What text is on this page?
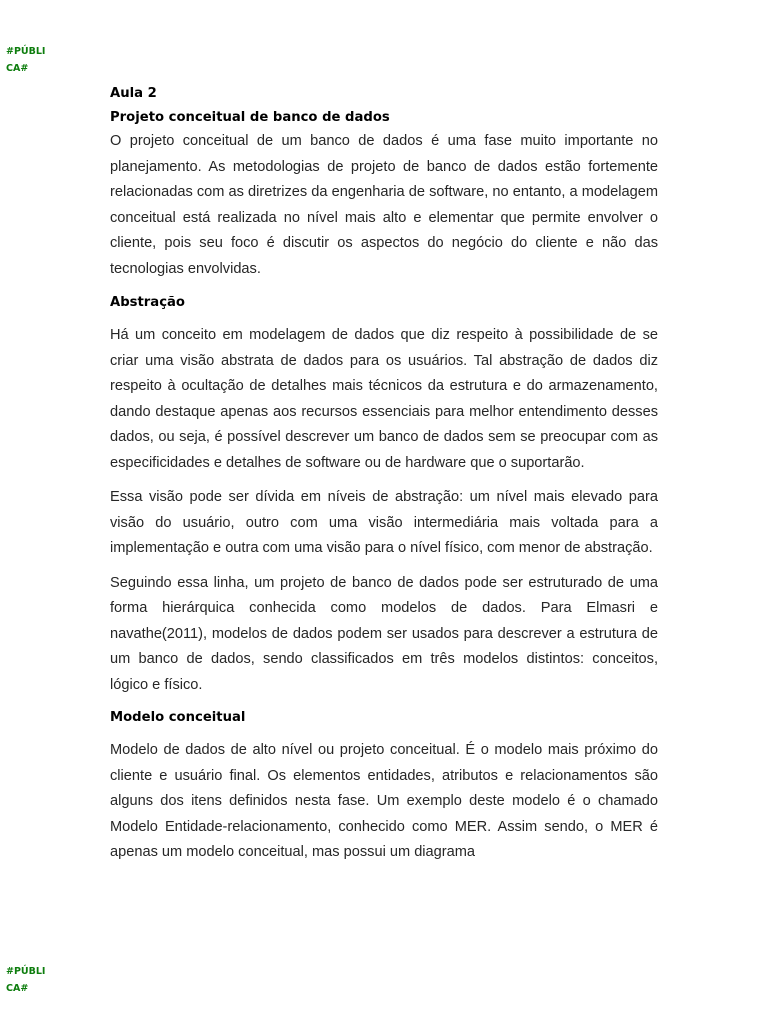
#PÚBLI
CA#

Aula 2

Projeto conceitual de banco de dados

O projeto conceitual de um banco de dados é uma fase muito importante no planejamento. As metodologias de projeto de banco de dados estão fortemente relacionadas com as diretrizes da engenharia de software, no entanto, a modelagem conceitual está realizada no nível mais alto e elementar que permite envolver o cliente, pois seu foco é discutir os aspectos do negócio do cliente e não das tecnologias envolvidas.

Abstração

Há um conceito em modelagem de dados que diz respeito à possibilidade de se criar uma visão abstrata de dados para os usuários. Tal abstração de dados diz respeito à ocultação de detalhes mais técnicos da estrutura e do armazenamento, dando destaque apenas aos recursos essenciais para melhor entendimento desses dados, ou seja, é possível descrever um banco de dados sem se preocupar com as especificidades e detalhes de software ou de hardware que o suportarão.

Essa visão pode ser dívida em níveis de abstração: um nível mais elevado para visão do usuário, outro com uma visão intermediária mais voltada para a implementação e outra com uma visão para o nível físico, com menor de abstração.

Seguindo essa linha, um projeto de banco de dados pode ser estruturado de uma forma hierárquica conhecida como modelos de dados. Para Elmasri e navathe(2011), modelos de dados podem ser usados para descrever a estrutura de um banco de dados, sendo classificados em três modelos distintos: conceitos, lógico e físico.

Modelo conceitual

Modelo de dados de alto nível ou projeto conceitual. É o modelo mais próximo do cliente e usuário final. Os elementos entidades, atributos e relacionamentos são alguns dos itens definidos nesta fase. Um exemplo deste modelo é o chamado Modelo Entidade-relacionamento, conhecido como MER. Assim sendo, o MER é apenas um modelo conceitual, mas possui um diagrama

#PÚBLI
CA#
